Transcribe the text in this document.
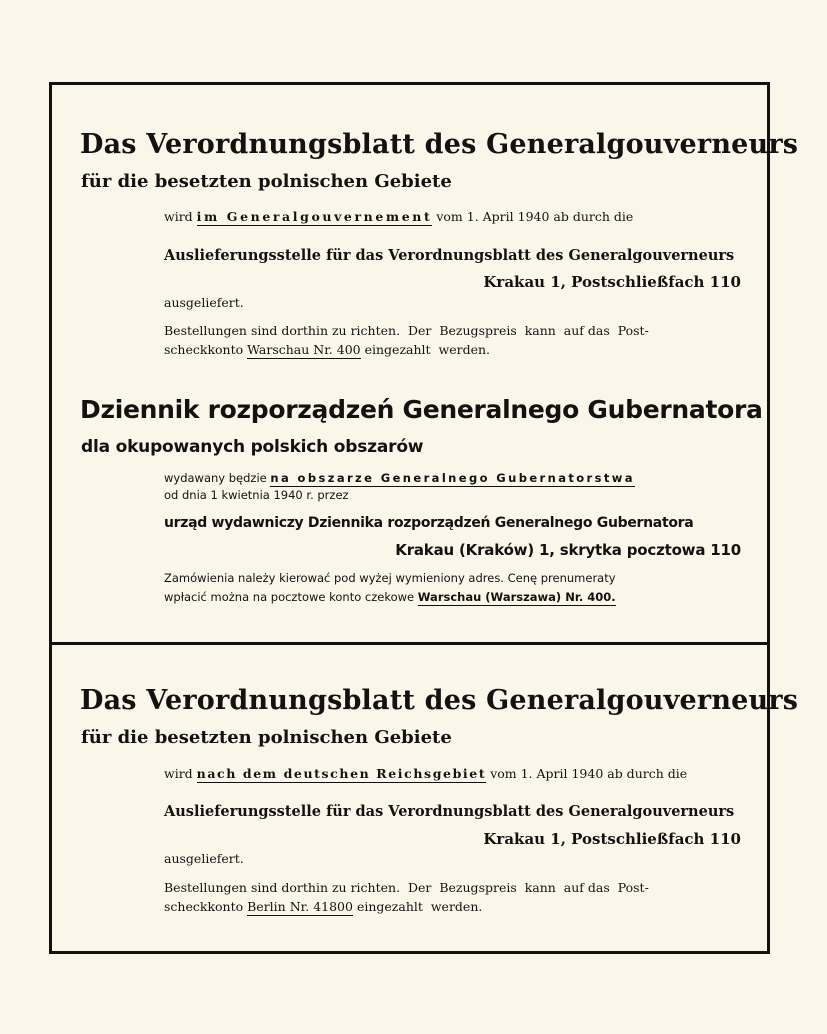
Das Verordnungsblatt des Generalgouverneurs
für die besetzten polnischen Gebiete
wird im Generalgouvernement vom 1. April 1940 ab durch die
Auslieferungsstelle für das Verordnungsblatt des Generalgouverneurs
Krakau 1, Postschließfach 110
ausgeliefert.
Bestellungen sind dorthin zu richten.  Der  Bezugspreis  kann  auf das  Post-
scheckkonto Warschau Nr. 400 eingezahlt  werden.
Dziennik rozporządzeń Generalnego Gubernatora
dla okupowanych polskich obszarów
wydawany będzie na obszarze Generalnego Gubernatorstwa
od dnia 1 kwietnia 1940 r. przez
urząd wydawniczy Dziennika rozporządzeń Generalnego Gubernatora
Krakau (Kraków) 1, skrytka pocztowa 110
Zamówienia należy kierować pod wyżej wymieniony adres. Cenę prenumeraty
wpłacić można na pocztowe konto czekowe Warschau (Warszawa) Nr. 400.
Das Verordnungsblatt des Generalgouverneurs
für die besetzten polnischen Gebiete
wird nach dem deutschen Reichsgebiet vom 1. April 1940 ab durch die
Auslieferungsstelle für das Verordnungsblatt des Generalgouverneurs
Krakau 1, Postschließfach 110
ausgeliefert.
Bestellungen sind dorthin zu richten.  Der  Bezugspreis  kann  auf das  Post-
scheckkonto Berlin Nr. 41800 eingezahlt  werden.
